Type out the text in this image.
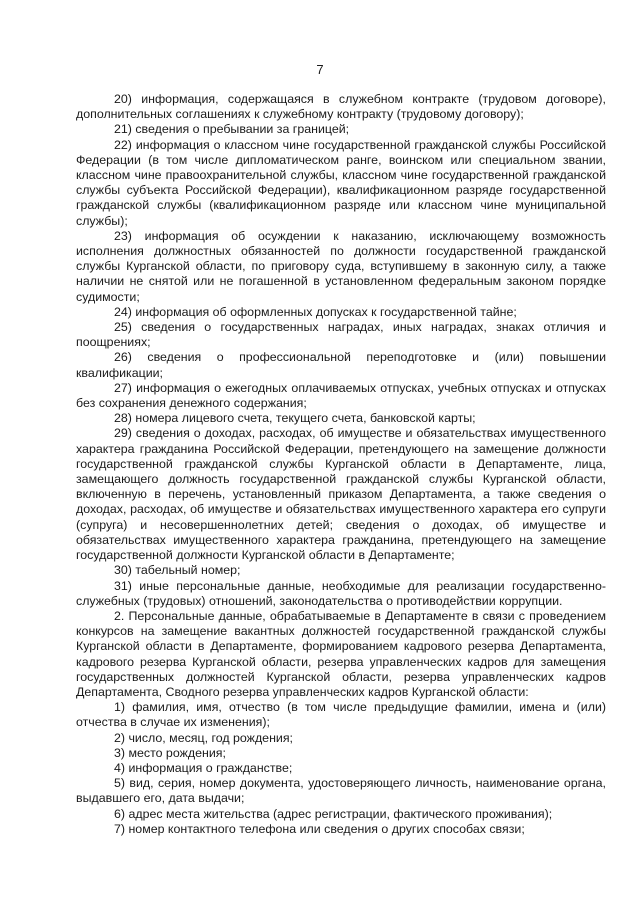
7

20) информация, содержащаяся в служебном контракте (трудовом договоре), дополнительных соглашениях к служебному контракту (трудовому договору);

21) сведения о пребывании за границей;

22) информация о классном чине государственной гражданской службы Российской Федерации (в том числе дипломатическом ранге, воинском или специальном звании, классном чине правоохранительной службы, классном чине государственной гражданской службы субъекта Российской Федерации), квалификационном разряде государственной гражданской службы (квалификационном разряде или классном чине муниципальной службы);

23) информация об осуждении к наказанию, исключающему возможность исполнения должностных обязанностей по должности государственной гражданской службы Курганской области, по приговору суда, вступившему в законную силу, а также наличии не снятой или не погашенной в установленном федеральным законом порядке судимости;

24) информация об оформленных допусках к государственной тайне;

25) сведения о государственных наградах, иных наградах, знаках отличия и поощрениях;

26) сведения о профессиональной переподготовке и (или) повышении квалификации;

27) информация о ежегодных оплачиваемых отпусках, учебных отпусках и отпусках без сохранения денежного содержания;

28) номера лицевого счета, текущего счета, банковской карты;

29) сведения о доходах, расходах, об имуществе и обязательствах имущественного характера гражданина Российской Федерации, претендующего на замещение должности государственной гражданской службы Курганской области в Департаменте, лица, замещающего должность государственной гражданской службы Курганской области, включенную в перечень, установленный приказом Департамента, а также сведения о доходах, расходах, об имуществе и обязательствах имущественного характера его супруги (супруга) и несовершеннолетних детей; сведения о доходах, об имуществе и обязательствах имущественного характера гражданина, претендующего на замещение государственной должности Курганской области в Департаменте;

30) табельный номер;

31) иные персональные данные, необходимые для реализации государственно-служебных (трудовых) отношений, законодательства о противодействии коррупции.

2. Персональные данные, обрабатываемые в Департаменте в связи с проведением конкурсов на замещение вакантных должностей государственной гражданской службы Курганской области в Департаменте, формированием кадрового резерва Департамента, кадрового резерва Курганской области, резерва управленческих кадров для замещения государственных должностей Курганской области, резерва управленческих кадров Департамента, Сводного резерва управленческих кадров Курганской области:

1) фамилия, имя, отчество (в том числе предыдущие фамилии, имена и (или) отчества в случае их изменения);

2) число, месяц, год рождения;

3) место рождения;

4) информация о гражданстве;

5) вид, серия, номер документа, удостоверяющего личность, наименование органа, выдавшего его, дата выдачи;

6) адрес места жительства (адрес регистрации, фактического проживания);

7) номер контактного телефона или сведения о других способах связи;
